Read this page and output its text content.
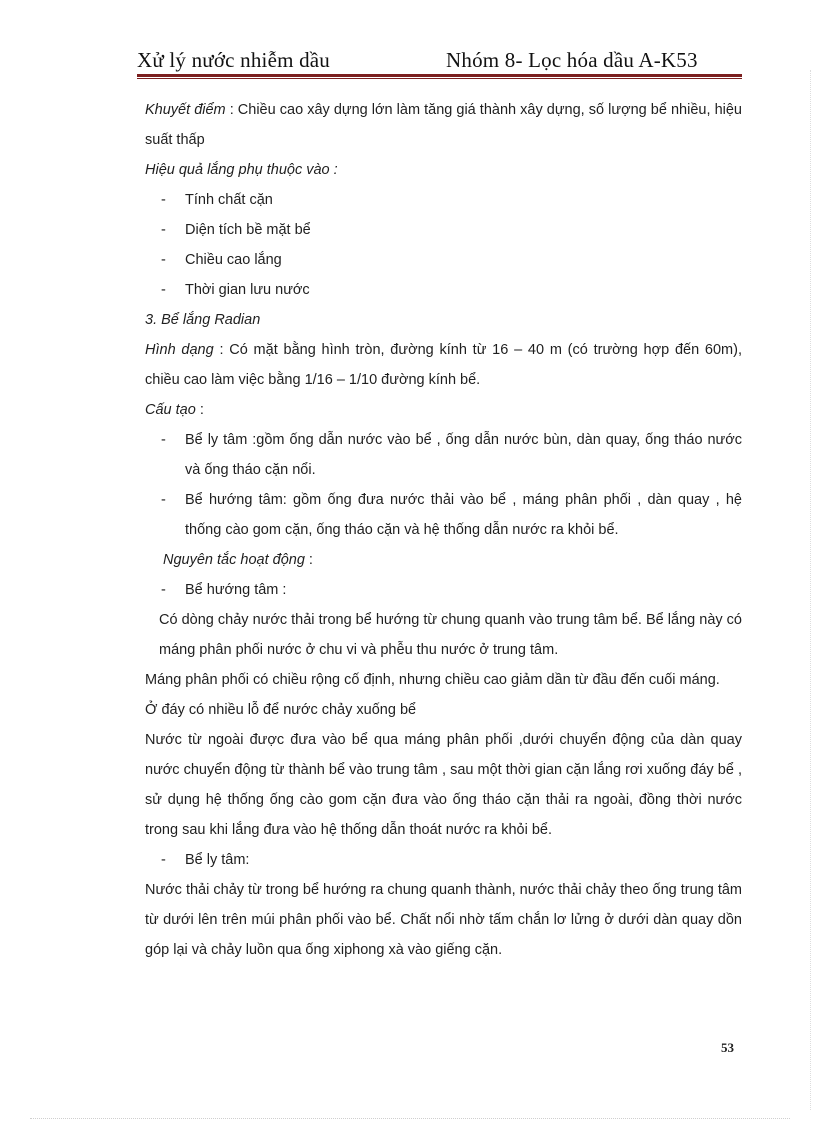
Xử lý nước nhiễm dầu	Nhóm 8- Lọc hóa dầu A-K53

Khuyết điểm : Chiều cao xây dựng lớn làm tăng giá thành xây dựng, số lượng bể nhiều, hiệu suất thấp

Hiệu quả lắng phụ thuộc vào :

- Tính chất cặn
- Diện tích bề mặt bể
- Chiều cao lắng
- Thời gian lưu nước

3. Bể lắng Radian

Hình dạng : Có mặt bằng hình tròn, đường kính từ 16 – 40 m (có trường hợp đến 60m), chiều cao làm việc bằng 1/16 – 1/10 đường kính bể.

Cấu tạo :

- Bể ly tâm :gồm ống dẫn nước vào bể , ống dẫn nước bùn, dàn quay, ống tháo nước và ống tháo cặn nổi.
- Bể hướng tâm: gồm ống đưa nước thải vào bể , máng phân phối , dàn quay , hệ thống cào gom cặn, ống tháo cặn và hệ thống dẫn nước ra khỏi bể.

Nguyên tắc hoạt động :

- Bể hướng tâm :

Có dòng chảy nước thải trong bể hướng từ chung quanh vào trung tâm bể. Bể lắng này có máng phân phối nước ở chu vi và phễu thu nước ở trung tâm.

Máng phân phối có chiều rộng cố định, nhưng chiều cao giảm dần từ đầu đến cuối máng.

Ở đáy có nhiều lỗ để nước chảy xuống bể

Nước từ ngoài được đưa vào bể qua máng phân phối ,dưới chuyển động của dàn quay nước chuyển động từ thành bể vào trung tâm , sau một thời gian cặn lắng rơi xuống đáy bể , sử dụng hệ thống ống cào gom cặn đưa vào ống tháo cặn thải ra ngoài, đồng thời nước trong sau khi lắng đưa vào hệ thống dẫn thoát nước ra khỏi bể.

- Bể ly tâm:

Nước thải chảy từ trong bể hướng ra chung quanh thành, nước thải chảy theo ống trung tâm từ dưới lên trên múi phân phối vào bể. Chất nổi nhờ tấm chắn lơ lửng ở dưới dàn quay dồn góp lại và chảy luồn qua ống xiphong xà vào giếng cặn.

53
